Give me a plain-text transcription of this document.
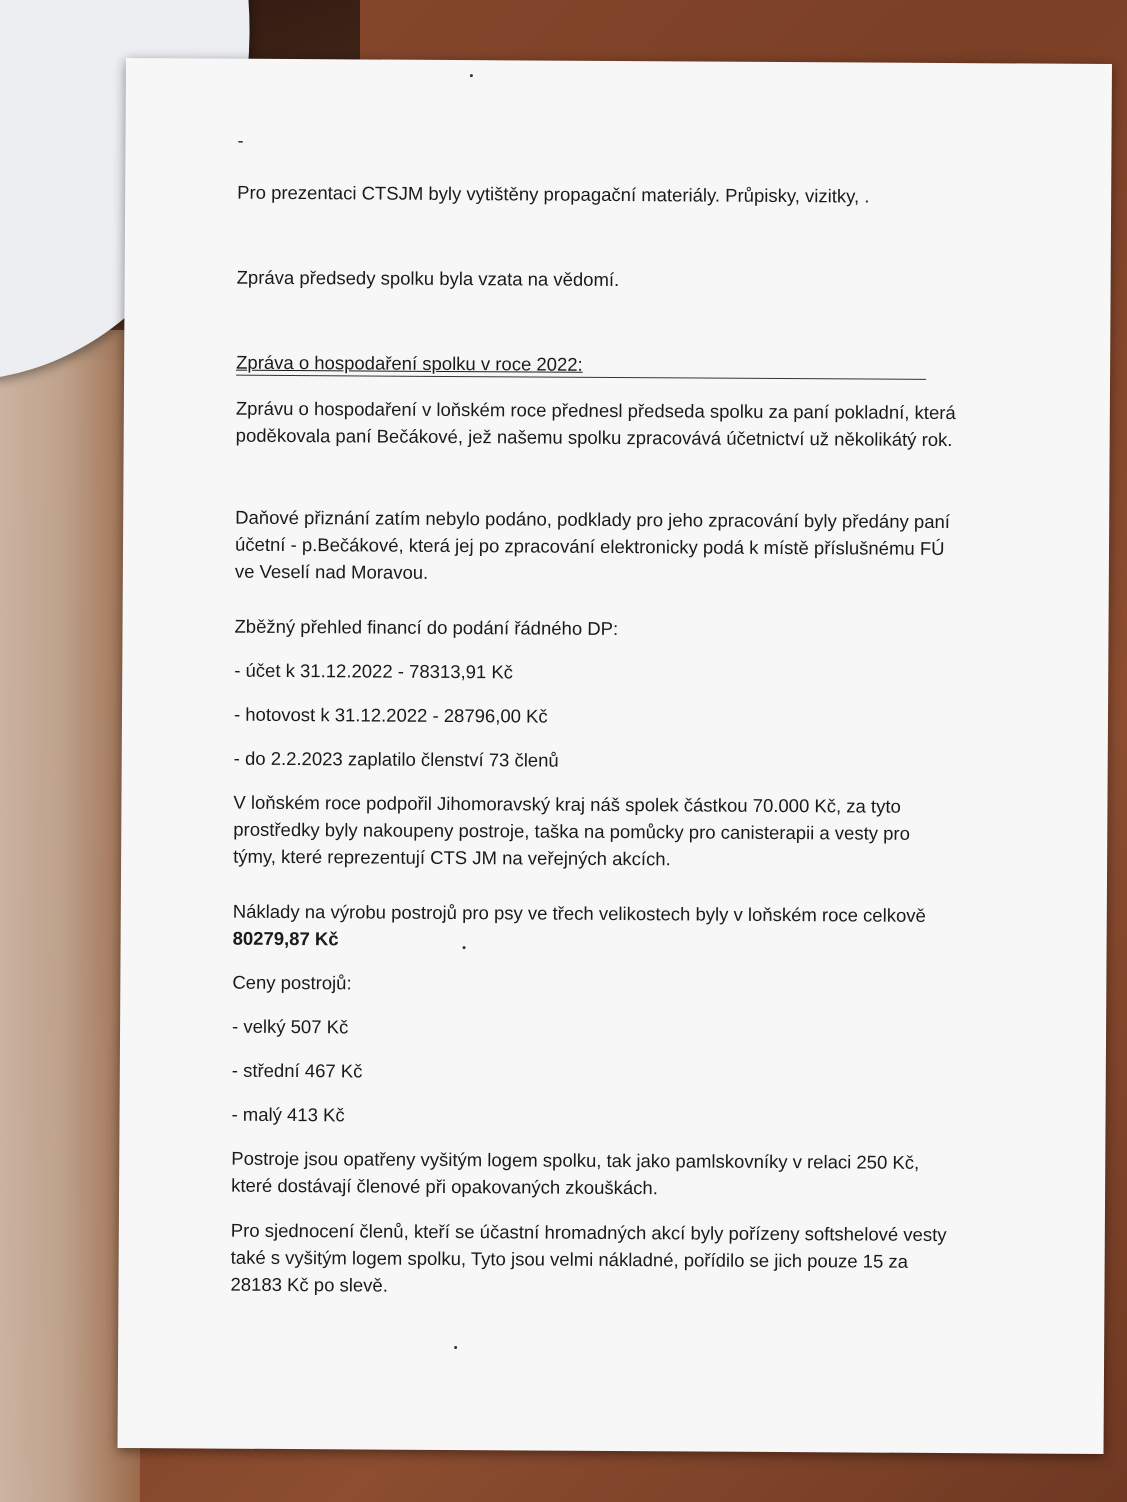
-

Pro prezentaci CTSJM byly vytištěny propagační materiály. Průpisky, vizitky, .

Zpráva předsedy spolku byla vzata na vědomí.

Zpráva o hospodaření spolku v roce 2022:

Zprávu o hospodaření v loňském roce přednesl předseda spolku za paní pokladní, která poděkovala paní Bečákové, jež našemu spolku zpracovává účetnictví už několikátý rok.

Daňové přiznání zatím nebylo podáno, podklady pro jeho zpracování byly předány paní účetní - p.Bečákové, která jej po zpracování elektronicky podá k místě příslušnému FÚ ve Veselí nad Moravou.

Zběžný přehled financí do podání řádného DP:

- účet k 31.12.2022 - 78313,91 Kč

- hotovost k 31.12.2022 - 28796,00 Kč

- do 2.2.2023 zaplatilo členství 73 členů

V loňském roce podpořil Jihomoravský kraj náš spolek částkou 70.000 Kč, za tyto prostředky byly nakoupeny postroje, taška na pomůcky pro canisterapii a vesty pro týmy, které reprezentují CTS JM na veřejných akcích.

Náklady na výrobu postrojů pro psy ve třech velikostech byly v loňském roce celkově 80279,87 Kč

Ceny postrojů:

- velký 507 Kč

- střední 467 Kč

- malý 413 Kč

Postroje jsou opatřeny vyšitým logem spolku, tak jako pamlskovníky v relaci 250 Kč, které dostávají členové při opakovaných zkouškách.

Pro sjednocení členů, kteří se účastní hromadných akcí byly pořízeny softshelové vesty také s vyšitým logem spolku, Tyto jsou velmi nákladné, pořídilo se jich pouze 15 za 28183 Kč po slevě.
